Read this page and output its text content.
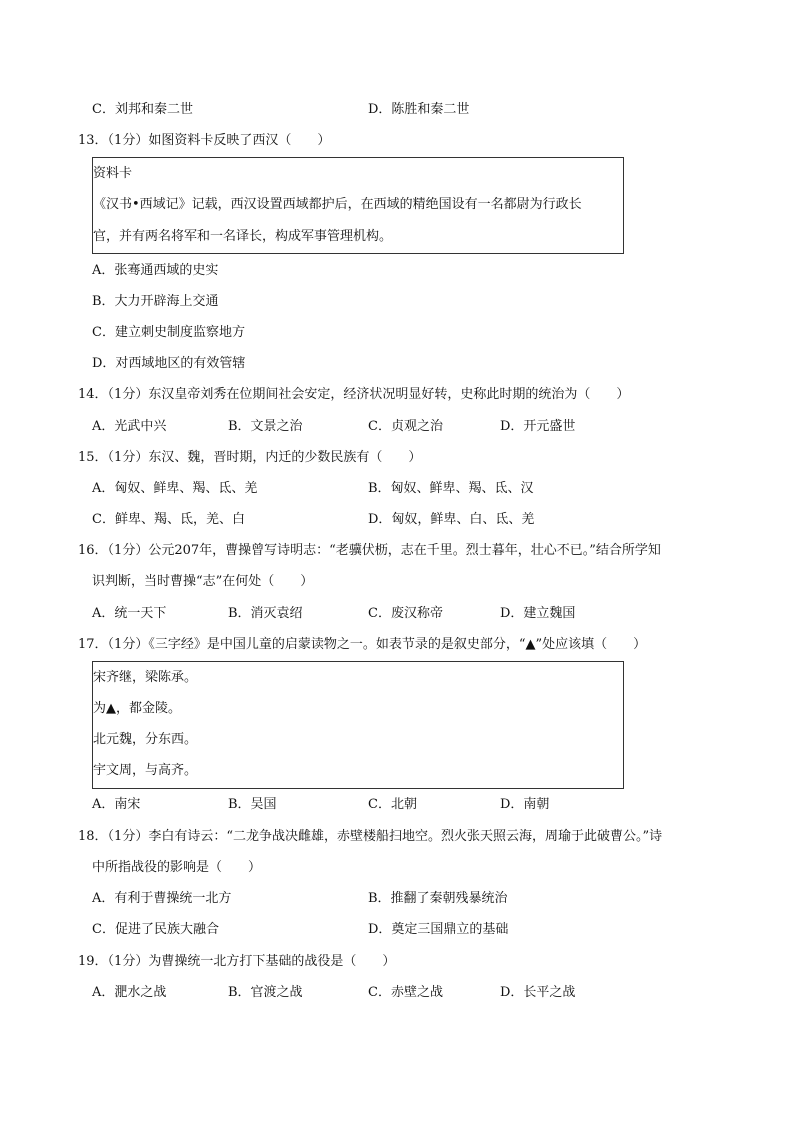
C．刘邦和秦二世	D．陈胜和秦二世
13．（1分）如图资料卡反映了西汉（　　）
资料卡
《汉书•西域记》记载，西汉设置西域都护后，在西域的精绝国设有一名都尉为行政长
官，并有两名将军和一名译长，构成军事管理机构。
A．张骞通西域的史实
B．大力开辟海上交通
C．建立刺史制度监察地方
D．对西域地区的有效管辖
14．（1分）东汉皇帝刘秀在位期间社会安定，经济状况明显好转，史称此时期的统治为（　　）
A．光武中兴	B．文景之治	C．贞观之治	D．开元盛世
15．（1分）东汉、魏，晋时期，内迁的少数民族有（　　）
A．匈奴、鲜卑、羯、氐、羌	B．匈奴、鲜卑、羯、氐、汉
C．鲜卑、羯、氐，羌、白	D．匈奴，鲜卑、白、氐、羌
16．（1分）公元207年，曹操曾写诗明志：“老骥伏枥，志在千里。烈士暮年，壮心不已。”结合所学知
识判断，当时曹操“志”在何处（　　）
A．统一天下	B．消灭袁绍	C．废汉称帝	D．建立魏国
17．（1分）《三字经》是中国儿童的启蒙读物之一。如表节录的是叙史部分，“▲”处应该填（　　）
宋齐继，梁陈承。
为▲，都金陵。
北元魏，分东西。
宇文周，与高齐。
A．南宋	B．吴国	C．北朝	D．南朝
18．（1分）李白有诗云：“二龙争战决雌雄，赤壁楼船扫地空。烈火张天照云海，周瑜于此破曹公。”诗
中所指战役的影响是（　　）
A．有利于曹操统一北方	B．推翻了秦朝残暴统治
C．促进了民族大融合	D．奠定三国鼎立的基础
19．（1分）为曹操统一北方打下基础的战役是（　　）
A．淝水之战	B．官渡之战	C．赤壁之战	D．长平之战
